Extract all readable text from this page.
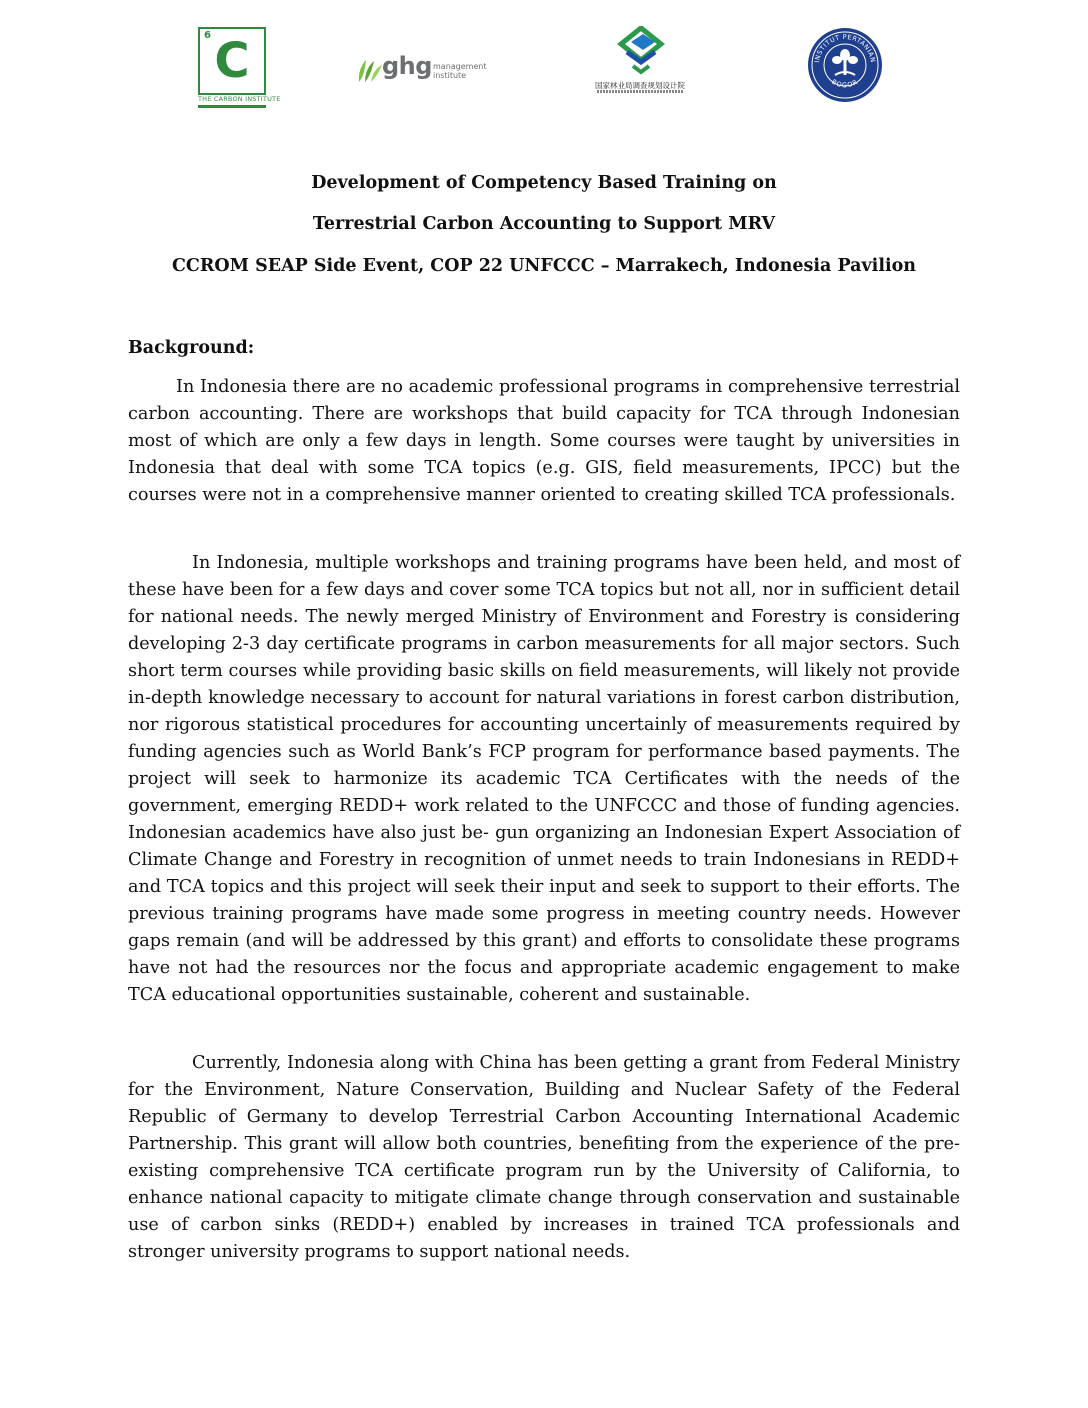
6 C
THE CARBON INSTITUTE
ghg management
institute
国家林业局调查规划设计院
INSTITUT PERTANIAN
BOGOR
Development of Competency Based Training on
Terrestrial Carbon Accounting to Support MRV
CCROM SEAP Side Event, COP 22 UNFCCC – Marrakech, Indonesia Pavilion
Background:

In Indonesia there are no academic professional programs in comprehensive terrestrial carbon accounting. There are workshops that build capacity for TCA through Indonesian most of which are only a few days in length. Some courses were taught by universities in Indonesia that deal with some TCA topics (e.g. GIS, field measurements, IPCC) but the courses were not in a comprehensive manner oriented to creating skilled TCA professionals.

In Indonesia, multiple workshops and training programs have been held, and most of these have been for a few days and cover some TCA topics but not all, nor in sufficient detail for national needs. The newly merged Ministry of Environment and Forestry is considering developing 2-3 day certificate programs in carbon measurements for all major sectors. Such short term courses while providing basic skills on field measurements, will likely not provide in-depth knowledge necessary to account for natural variations in forest carbon distribution, nor rigorous statistical procedures for accounting uncertainly of measurements required by funding agencies such as World Bank’s FCP program for performance based payments. The project will seek to harmonize its academic TCA Certificates with the needs of the government, emerging REDD+ work related to the UNFCCC and those of funding agencies. Indonesian academics have also just be- gun organizing an Indonesian Expert Association of Climate Change and Forestry in recognition of unmet needs to train Indonesians in REDD+ and TCA topics and this project will seek their input and seek to support to their efforts. The previous training programs have made some progress in meeting country needs. However gaps remain (and will be addressed by this grant) and efforts to consolidate these programs have not had the resources nor the focus and appropriate academic engagement to make TCA educational opportunities sustainable, coherent and sustainable.

Currently, Indonesia along with China has been getting a grant from Federal Ministry for the Environment, Nature Conservation, Building and Nuclear Safety of the Federal Republic of Germany to develop Terrestrial Carbon Accounting International Academic Partnership. This grant will allow both countries, benefiting from the experience of the pre-existing comprehensive TCA certificate program run by the University of California, to enhance national capacity to mitigate climate change through conservation and sustainable use of carbon sinks (REDD+) enabled by increases in trained TCA professionals and stronger university programs to support national needs.
